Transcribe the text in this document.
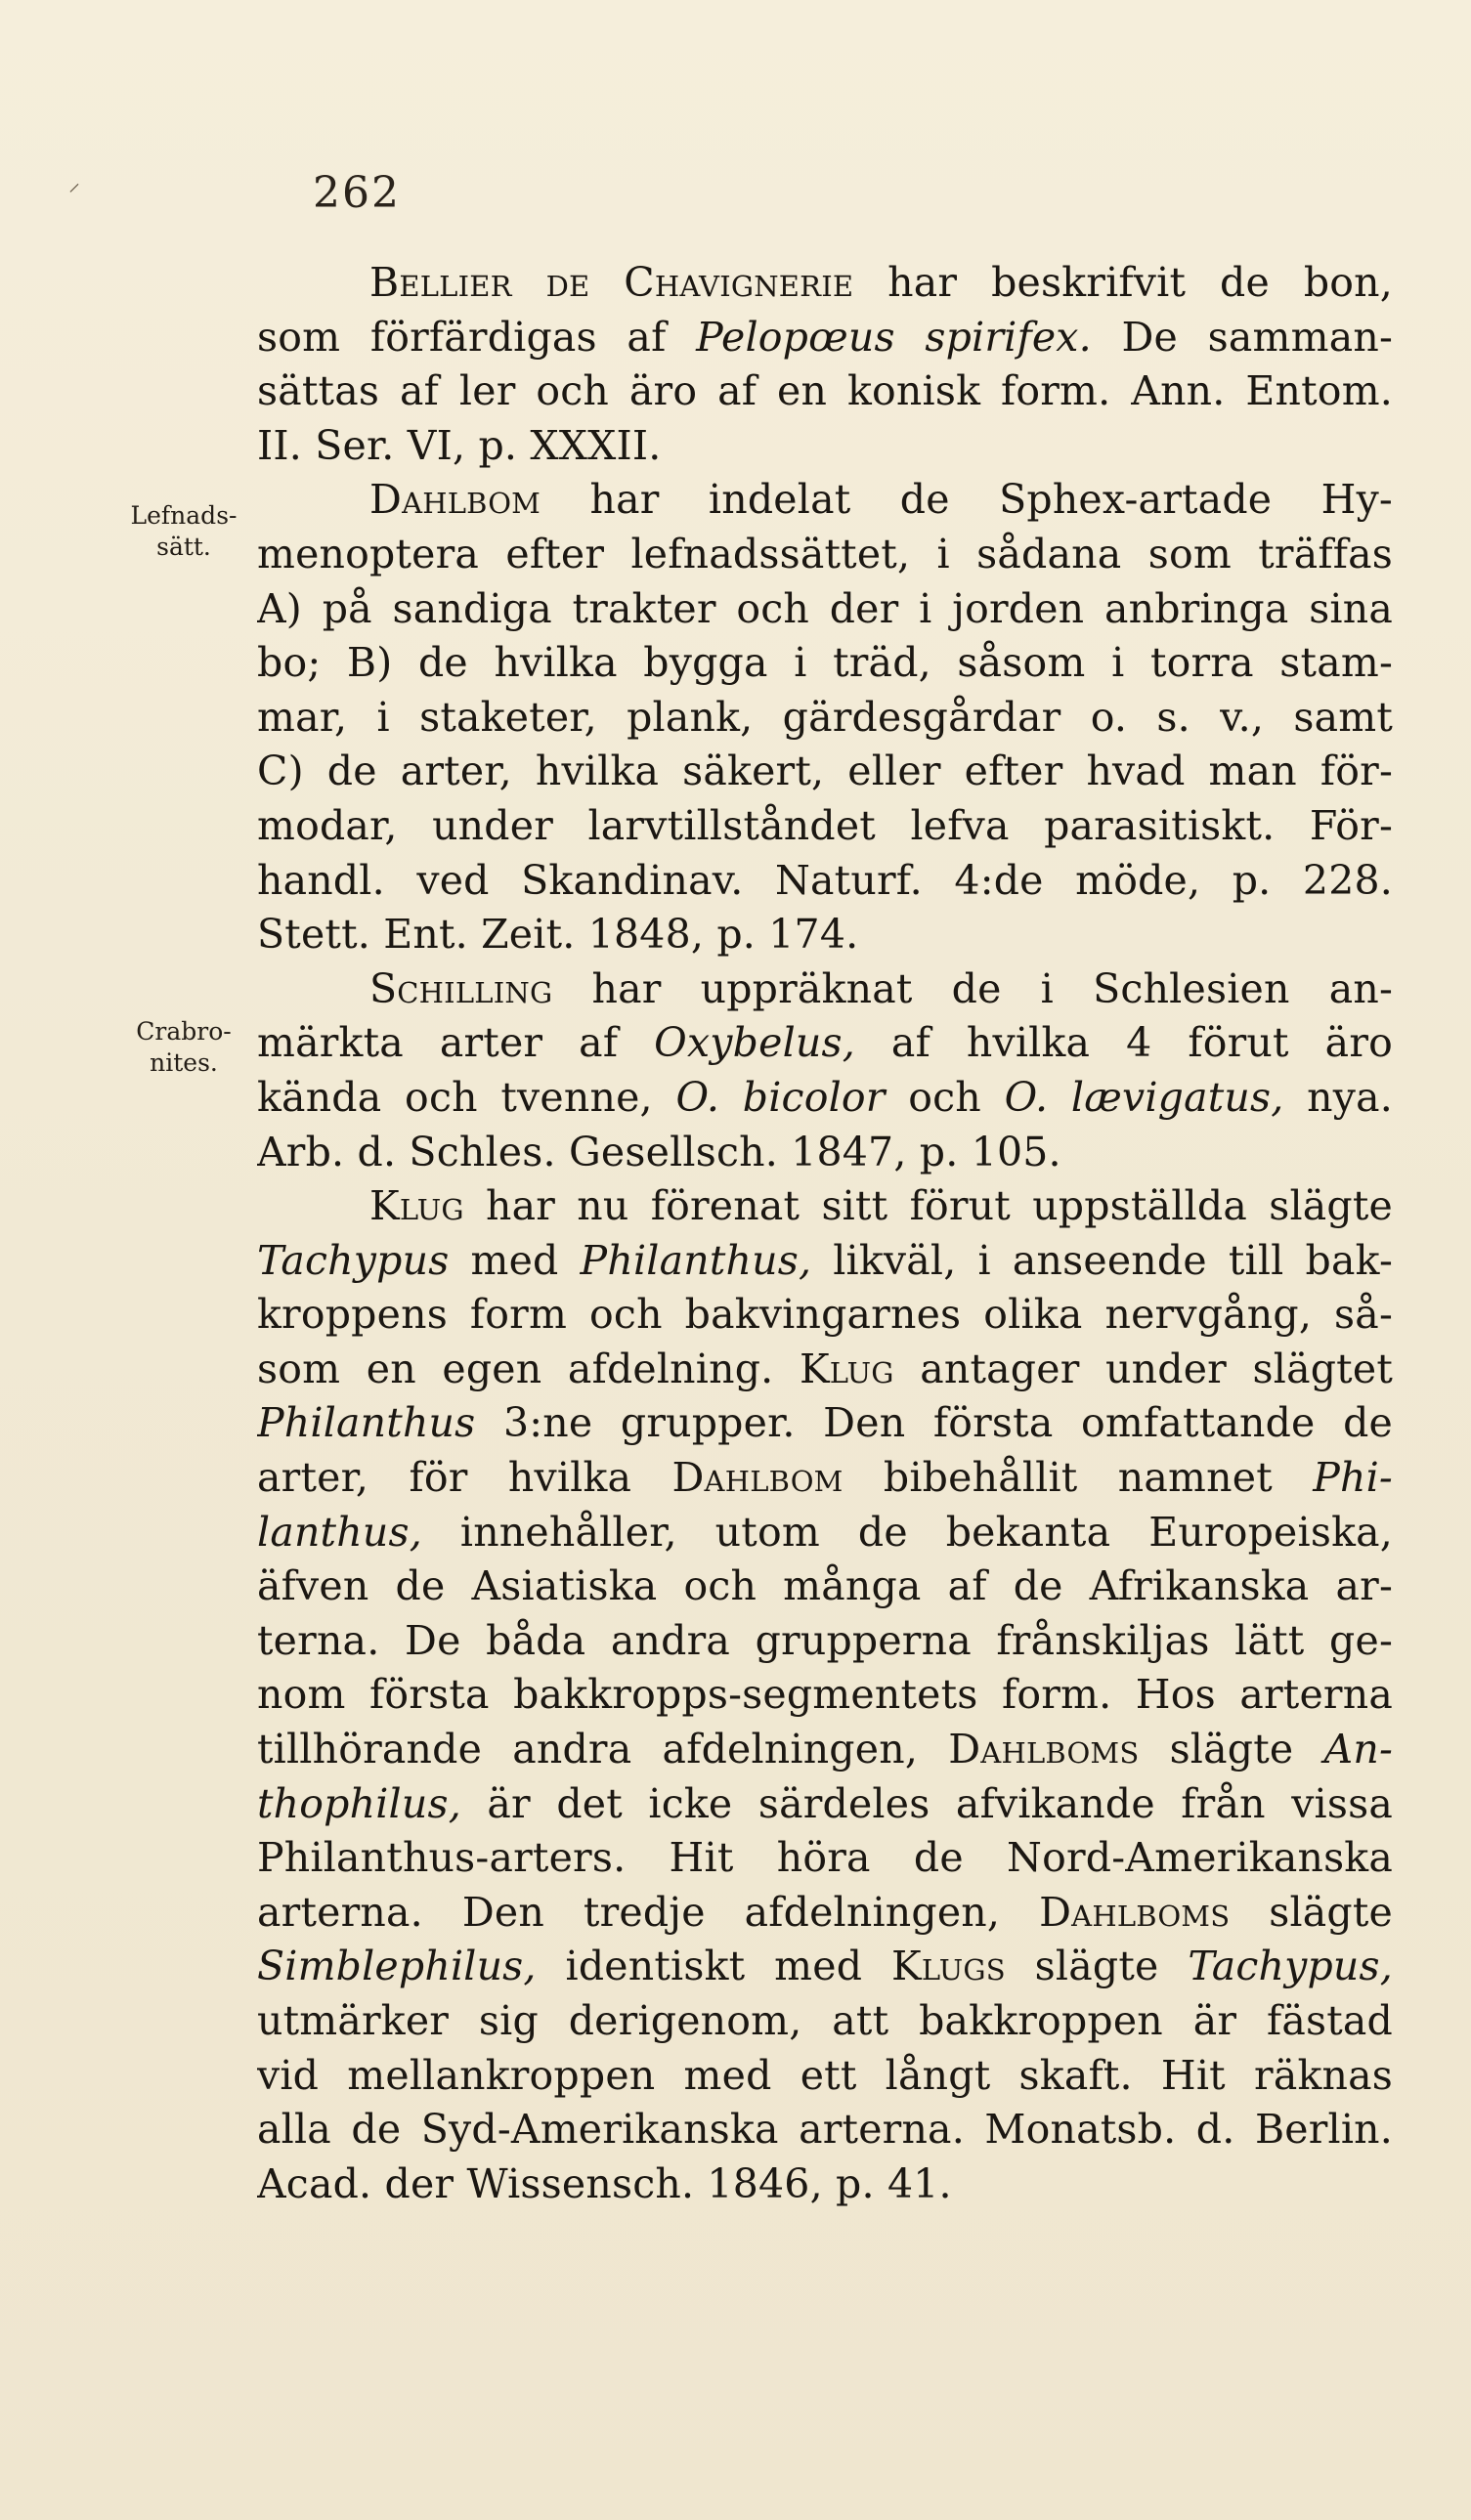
262
Lefnads-
sätt.
Crabro-
nites.
⸍
Bellier de Chavignerie har beskrifvit de bon,
som förfärdigas af Pelopœus spirifex. De samman-
sättas af ler och äro af en konisk form. Ann. Entom.
II. Ser. VI, p. XXXII.
Dahlbom har indelat de Sphex-artade Hy-
menoptera efter lefnadssättet, i sådana som träffas
A) på sandiga trakter och der i jorden anbringa sina
bo; B) de hvilka bygga i träd, såsom i torra stam-
mar, i staketer, plank, gärdesgårdar o. s. v., samt
C) de arter, hvilka säkert, eller efter hvad man för-
modar, under larvtillståndet lefva parasitiskt. För-
handl. ved Skandinav. Naturf. 4:de möde, p. 228.
Stett. Ent. Zeit. 1848, p. 174.
Schilling har uppräknat de i Schlesien an-
märkta arter af Oxybelus, af hvilka 4 förut äro
kända och tvenne, O. bicolor och O. lævigatus, nya.
Arb. d. Schles. Gesellsch. 1847, p. 105.
Klug har nu förenat sitt förut uppställda slägte
Tachypus med Philanthus, likväl, i anseende till bak-
kroppens form och bakvingarnes olika nervgång, så-
som en egen afdelning. Klug antager under slägtet
Philanthus 3:ne grupper. Den första omfattande de
arter, för hvilka Dahlbom bibehållit namnet Phi-
lanthus, innehåller, utom de bekanta Europeiska,
äfven de Asiatiska och många af de Afrikanska ar-
terna. De båda andra grupperna frånskiljas lätt ge-
nom första bakkropps-segmentets form. Hos arterna
tillhörande andra afdelningen, Dahlboms slägte An-
thophilus, är det icke särdeles afvikande från vissa
Philanthus-arters. Hit höra de Nord-Amerikanska
arterna. Den tredje afdelningen, Dahlboms slägte
Simblephilus, identiskt med Klugs slägte Tachypus,
utmärker sig derigenom, att bakkroppen är fästad
vid mellankroppen med ett långt skaft. Hit räknas
alla de Syd-Amerikanska arterna. Monatsb. d. Berlin.
Acad. der Wissensch. 1846, p. 41.
